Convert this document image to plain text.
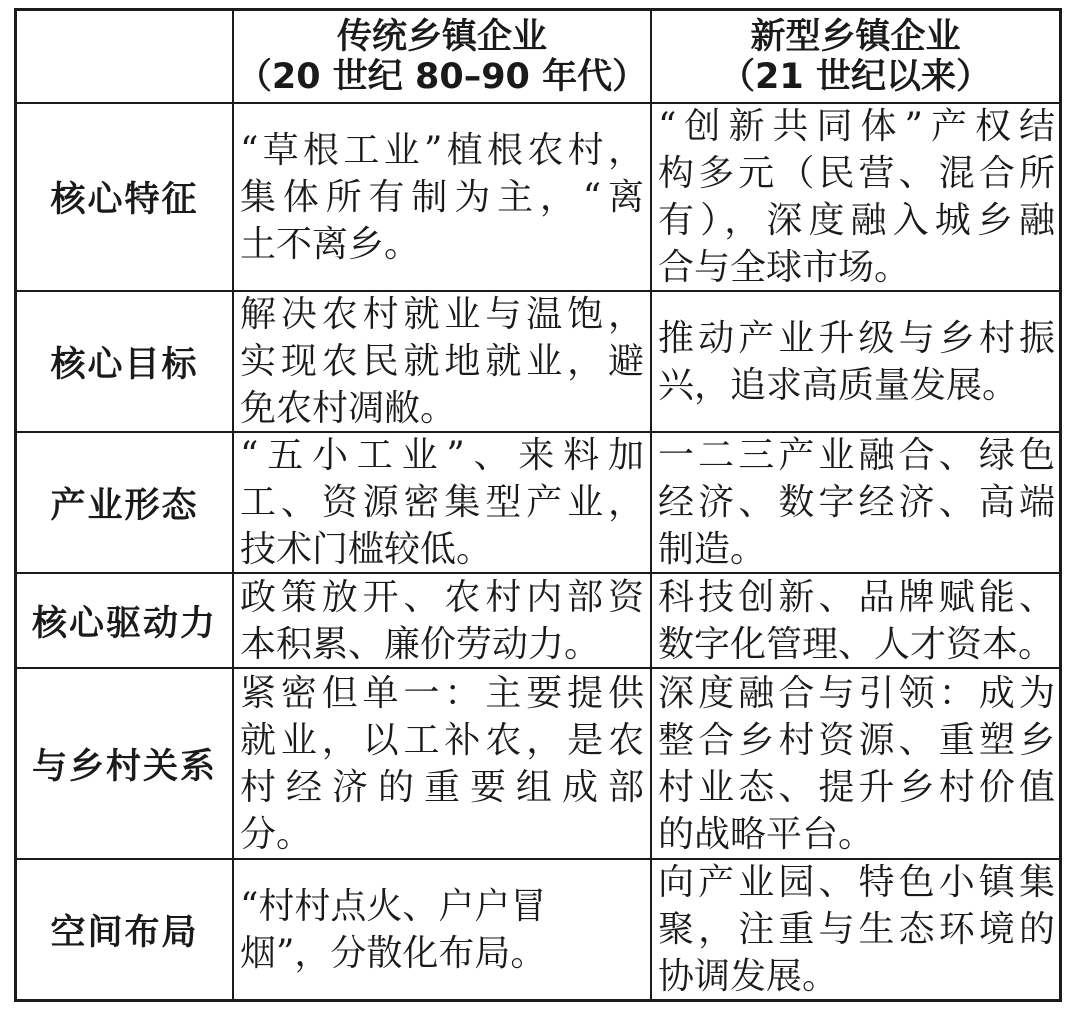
传统乡镇企业
（20 世纪 80–90 年代）
新型乡镇企业
（21 世纪以来）
核心特征
“草根工业”植根农村，
集体所有制为主，“离
土不离乡。
“创新共同体”产权结
构多元（民营、混合所
有），深度融入城乡融
合与全球市场。
核心目标
解决农村就业与温饱，
实现农民就地就业，避
免农村凋敝。
推动产业升级与乡村振
兴，追求高质量发展。
产业形态
“五小工业”、来料加
工、资源密集型产业，
技术门槛较低。
一二三产业融合、绿色
经济、数字经济、高端
制造。
核心驱动力
政策放开、农村内部资
本积累、廉价劳动力。
科技创新、品牌赋能、
数字化管理、人才资本。
与乡村关系
紧密但单一：主要提供
就业，以工补农，是农
村经济的重要组成部
分。
深度融合与引领：成为
整合乡村资源、重塑乡
村业态、提升乡村价值
的战略平台。
空间布局
“村村点火、户户冒
烟”，分散化布局。
向产业园、特色小镇集
聚，注重与生态环境的
协调发展。
